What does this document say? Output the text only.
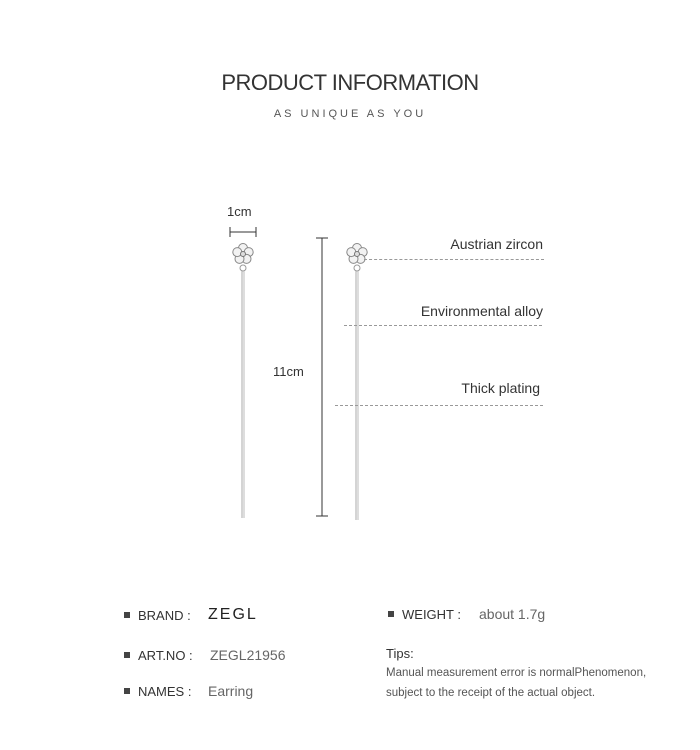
PRODUCT INFORMATION
AS UNIQUE AS YOU
1cm
11cm
Austrian zircon
Environmental alloy
Thick plating
BRAND : ZEGL
ART.NO : ZEGL21956
NAMES : Earring
WEIGHT : about 1.7g
Tips:
Manual measurement error is normalPhenomenon,
subject to the receipt of the actual object.
